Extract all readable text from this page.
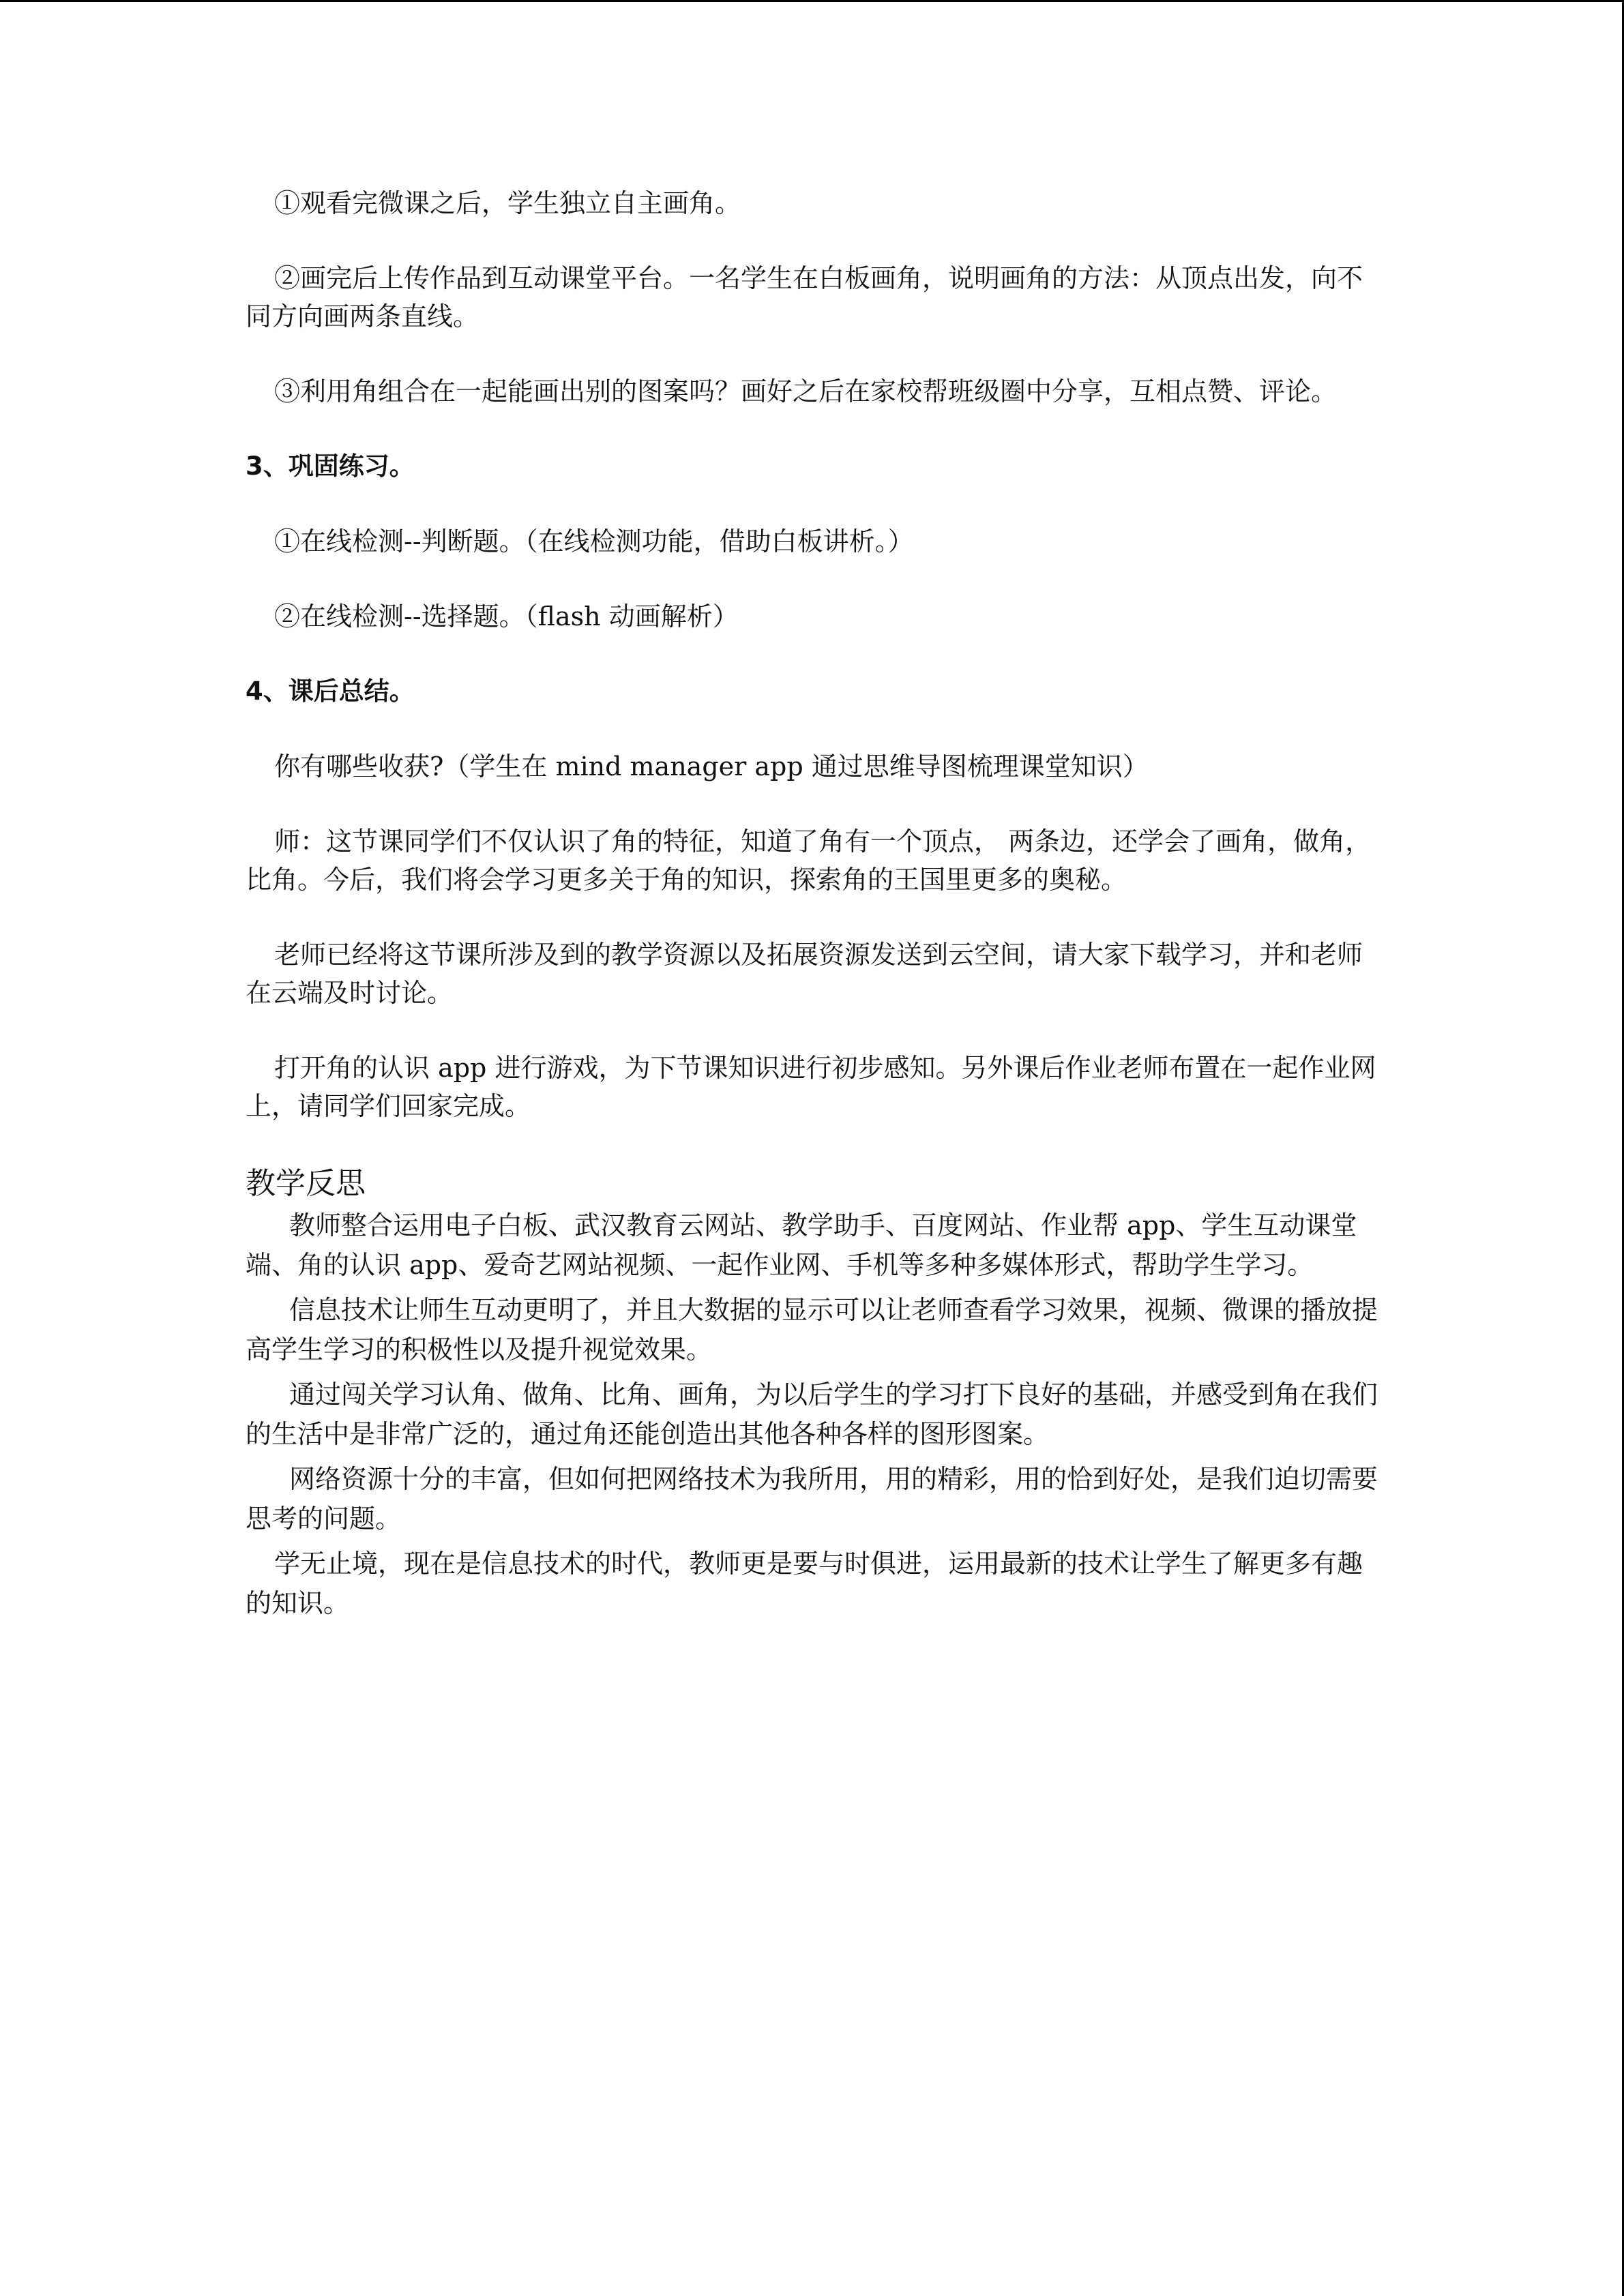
①观看完微课之后，学生独立自主画角。

②画完后上传作品到互动课堂平台。一名学生在白板画角，说明画角的方法：从顶点出发，向不同方向画两条直线。

③利用角组合在一起能画出别的图案吗？画好之后在家校帮班级圈中分享，互相点赞、评论。

3、巩固练习。

①在线检测--判断题。（在线检测功能，借助白板讲析。）

②在线检测--选择题。（flash 动画解析）

4、课后总结。

你有哪些收获?（学生在 mind manager app 通过思维导图梳理课堂知识）

师：这节课同学们不仅认识了角的特征，知道了角有一个顶点， 两条边，还学会了画角，做角，比角。今后，我们将会学习更多关于角的知识，探索角的王国里更多的奥秘。

老师已经将这节课所涉及到的教学资源以及拓展资源发送到云空间，请大家下载学习，并和老师在云端及时讨论。

打开角的认识 app 进行游戏，为下节课知识进行初步感知。另外课后作业老师布置在一起作业网上，请同学们回家完成。

教学反思

教师整合运用电子白板、武汉教育云网站、教学助手、百度网站、作业帮 app、学生互动课堂端、角的认识 app、爱奇艺网站视频、一起作业网、手机等多种多媒体形式，帮助学生学习。

信息技术让师生互动更明了，并且大数据的显示可以让老师查看学习效果，视频、微课的播放提高学生学习的积极性以及提升视觉效果。

通过闯关学习认角、做角、比角、画角，为以后学生的学习打下良好的基础，并感受到角在我们的生活中是非常广泛的，通过角还能创造出其他各种各样的图形图案。

网络资源十分的丰富，但如何把网络技术为我所用，用的精彩，用的恰到好处，是我们迫切需要思考的问题。

学无止境，现在是信息技术的时代，教师更是要与时俱进，运用最新的技术让学生了解更多有趣的知识。
